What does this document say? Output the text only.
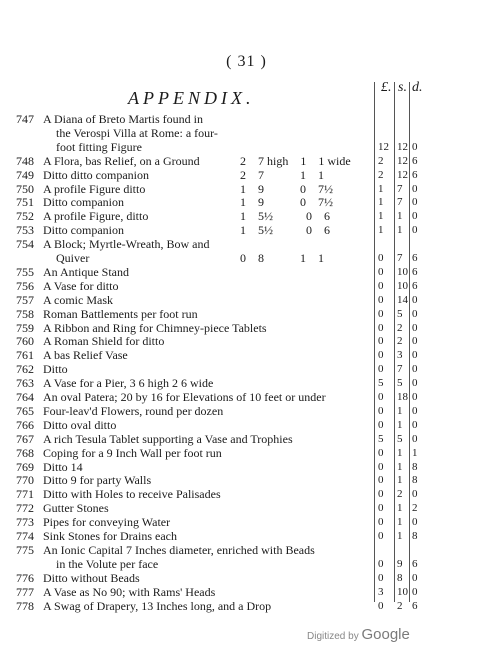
( 31 )
APPENDIX.
£. s. d.
747 A Diana of Breto Martis found in
the Verospi Villa at Rome: a four-
foot fitting Figure	12 12 0
748 A Flora, bas Relief, on a Ground	2    7 high    1    1 wide 2 12 6
749 Ditto ditto companion	2    7            1    1	2 12 6
750 A profile Figure ditto	1    9            0    7½	1 7 0
751 Ditto companion	1    9            0    7½	1 7 0
752 A profile Figure, ditto	1    5½           0    6	1 1 0
753 Ditto companion	1    5½           0    6	1 1 0
754 A Block; Myrtle-Wreath, Bow and
Quiver	0    8            1    1	0 7 6
755 An Antique Stand	0 10 6
756 A Vase for ditto	0 10 6
757 A comic Mask	0 14 0
758 Roman Battlements per foot run	0 5 0
759 A Ribbon and Ring for Chimney-piece Tablets	0 2 0
760 A Roman Shield for ditto	0 2 0
761 A bas Relief Vase	0 3 0
762 Ditto	0 7 0
763 A Vase for a Pier, 3 6 high 2 6 wide	5 5 0
764 An oval Patera; 20 by 16 for Elevations of 10 feet or under	0 18 0
765 Four-leav'd Flowers, round per dozen	0 1 0
766 Ditto oval ditto	0 1 0
767 A rich Tesula Tablet supporting a Vase and Trophies	5 5 0
768 Coping for a 9 Inch Wall per foot run	0 1 1
769 Ditto 14	0 1 8
770 Ditto 9 for party Walls	0 1 8
771 Ditto with Holes to receive Palisades	0 2 0
772 Gutter Stones	0 1 2
773 Pipes for conveying Water	0 1 0
774 Sink Stones for Drains each	0 1 8
775 An Ionic Capital 7 Inches diameter, enriched with Beads
in the Volute per face	0 9 6
776 Ditto without Beads	0 8 0
777 A Vase as No 90; with Rams' Heads	3 10 0
778 A Swag of Drapery, 13 Inches long, and a Drop	0 2 6
Digitized by Google
